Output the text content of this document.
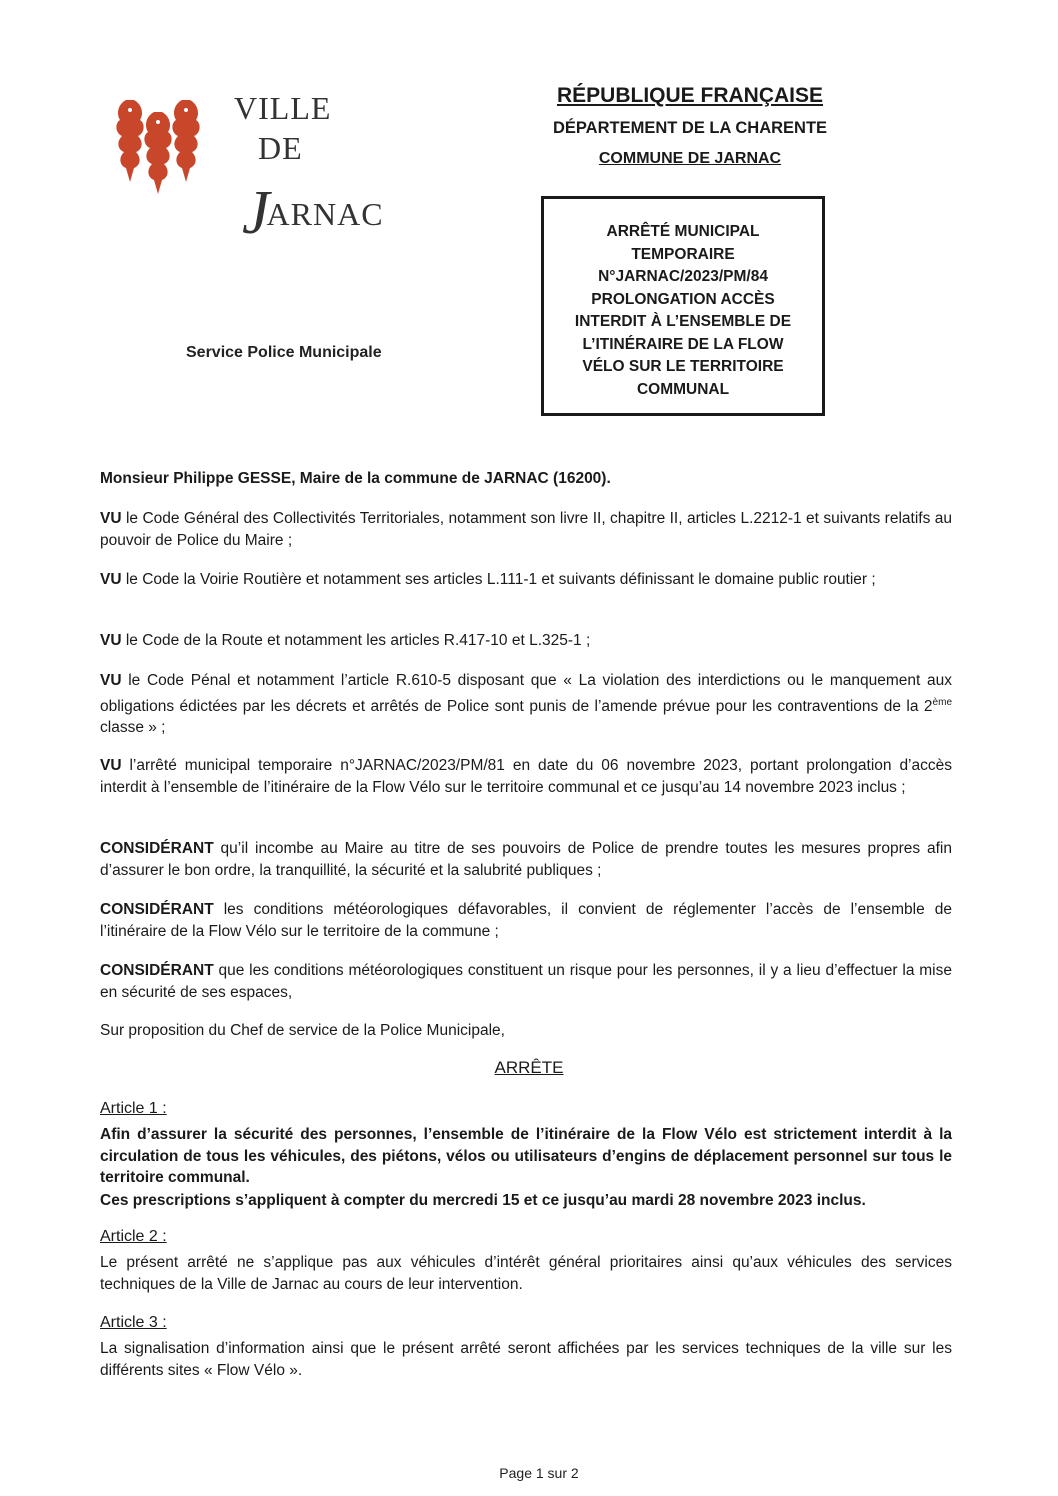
VILLE
DE
JARNAC
Service Police Municipale
RÉPUBLIQUE FRANÇAISE
DÉPARTEMENT DE LA CHARENTE
COMMUNE DE JARNAC
ARRÊTÉ MUNICIPAL
TEMPORAIRE
N°JARNAC/2023/PM/84
PROLONGATION ACCÈS
INTERDIT À L’ENSEMBLE DE
L’ITINÉRAIRE DE LA FLOW
VÉLO SUR LE TERRITOIRE
COMMUNAL
Monsieur Philippe GESSE, Maire de la commune de JARNAC (16200).
VU le Code Général des Collectivités Territoriales, notamment son livre II, chapitre II, articles L.2212-1 et suivants relatifs au pouvoir de Police du Maire ;
VU le Code la Voirie Routière et notamment ses articles L.111-1 et suivants définissant le domaine public routier ;
VU le Code de la Route et notamment les articles R.417-10 et L.325-1 ;
VU le Code Pénal et notamment l’article R.610-5 disposant que « La violation des interdictions ou le manquement aux obligations édictées par les décrets et arrêtés de Police sont punis de l’amende prévue pour les contraventions de la 2ème classe » ;
VU l’arrêté municipal temporaire n°JARNAC/2023/PM/81 en date du 06 novembre 2023, portant prolongation d’accès interdit à l’ensemble de l’itinéraire de la Flow Vélo sur le territoire communal et ce jusqu’au 14 novembre 2023 inclus ;
CONSIDÉRANT qu’il incombe au Maire au titre de ses pouvoirs de Police de prendre toutes les mesures propres afin d’assurer le bon ordre, la tranquillité, la sécurité et la salubrité publiques ;
CONSIDÉRANT les conditions météorologiques défavorables, il convient de réglementer l’accès de l’ensemble de l’itinéraire de la Flow Vélo sur le territoire de la commune ;
CONSIDÉRANT que les conditions météorologiques constituent un risque pour les personnes, il y a lieu d’effectuer la mise en sécurité de ses espaces,
Sur proposition du Chef de service de la Police Municipale,
ARRÊTE
Article 1 :
Afin d’assurer la sécurité des personnes, l’ensemble de l’itinéraire de la Flow Vélo est strictement interdit à la circulation de tous les véhicules, des piétons, vélos ou utilisateurs d’engins de déplacement personnel sur tous le territoire communal.
Ces prescriptions s’appliquent à compter du mercredi 15 et ce jusqu’au mardi 28 novembre 2023 inclus.
Article 2 :
Le présent arrêté ne s’applique pas aux véhicules d’intérêt général prioritaires ainsi qu’aux véhicules des services techniques de la Ville de Jarnac au cours de leur intervention.
Article 3 :
La signalisation d’information ainsi que le présent arrêté seront affichées par les services techniques de la ville sur les différents sites « Flow Vélo ».
Page 1 sur 2
